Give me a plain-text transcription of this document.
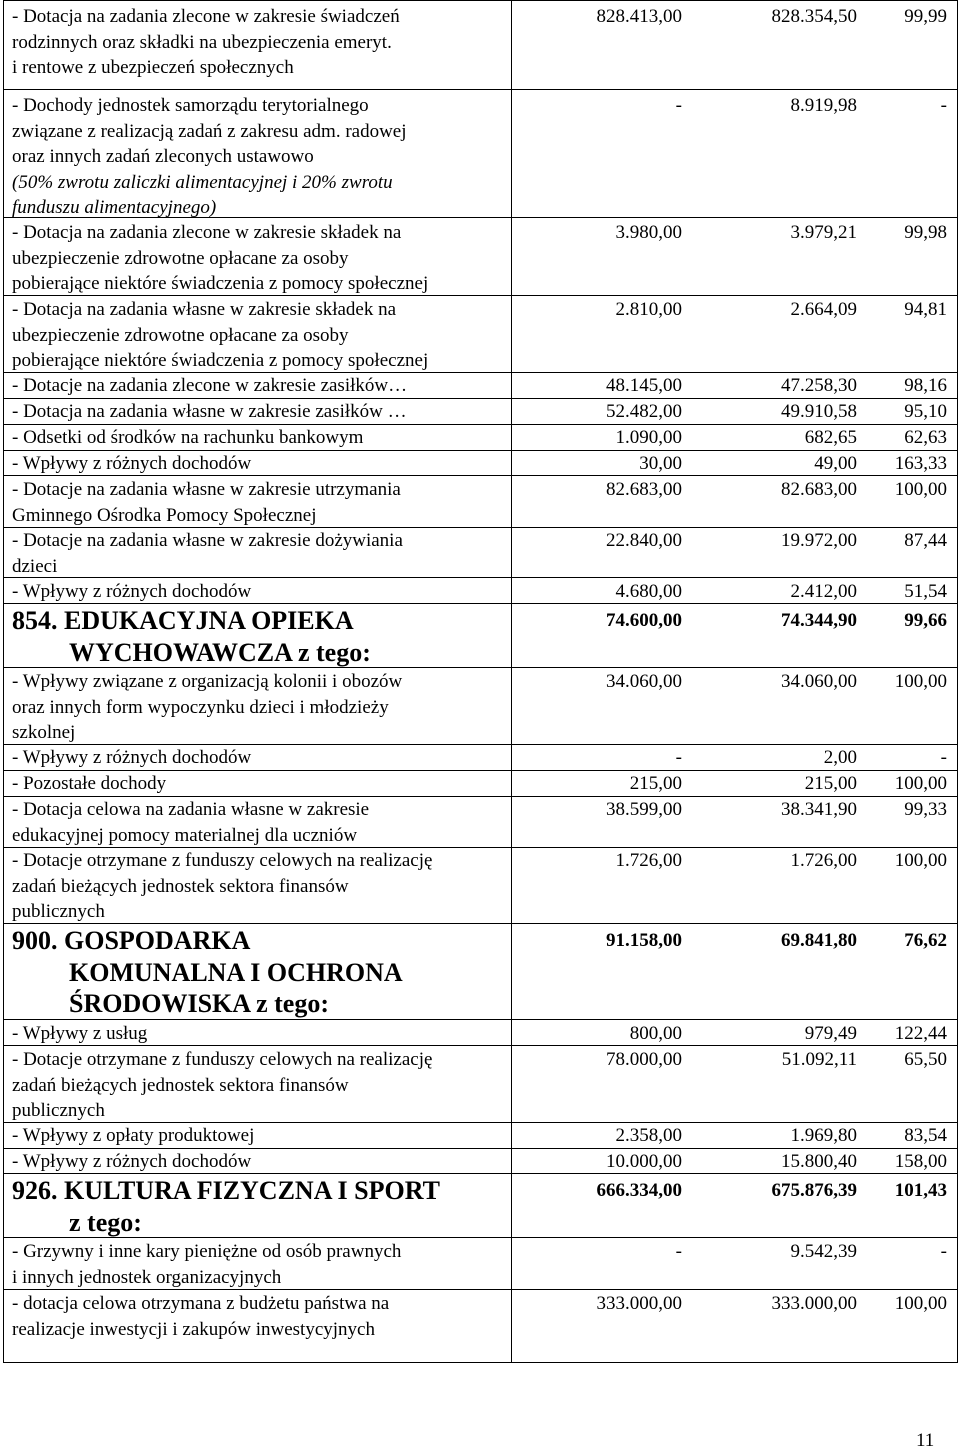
- Dotacja na zadania zlecone w zakresie świadczeń
rodzinnych oraz składki na ubezpieczenia emeryt.
i rentowe z ubezpieczeń społecznych
828.413,00	828.354,50 99,99
- Dochody jednostek samorządu terytorialnego
związane z realizacją zadań z zakresu adm. radowej
oraz innych zadań zleconych ustawowo
(50% zwrotu zaliczki alimentacyjnej i 20% zwrotu
funduszu alimentacyjnego)
-	8.919,98	-
- Dotacja na zadania zlecone w zakresie składek na
ubezpieczenie zdrowotne opłacane za osoby
pobierające niektóre świadczenia z pomocy społecznej
3.980,00	3.979,21 99,98
- Dotacja na zadania własne w zakresie składek na
ubezpieczenie zdrowotne opłacane za osoby
pobierające niektóre świadczenia z pomocy społecznej
2.810,00	2.664,09 94,81
- Dotacje na zadania zlecone w zakresie zasiłków…	48.145,00	47.258,30 98,16
- Dotacja na zadania własne w zakresie zasiłków …	52.482,00	49.910,58 95,10
- Odsetki od środków na rachunku bankowym	1.090,00	682,65 62,63
- Wpływy z różnych dochodów	30,00	49,00 163,33
- Dotacje na zadania własne w zakresie utrzymania
Gminnego Ośrodka Pomocy Społecznej
82.683,00	82.683,00 100,00
- Dotacje na zadania własne w zakresie dożywiania
dzieci
22.840,00	19.972,00 87,44
- Wpływy z różnych dochodów	4.680,00	2.412,00 51,54
854. EDUKACYJNA OPIEKA
WYCHOWAWCZA z tego:
74.600,00	74.344,90 99,66
- Wpływy związane z organizacją kolonii i obozów
oraz innych form wypoczynku dzieci i młodzieży
szkolnej
34.060,00	34.060,00 100,00
- Wpływy z różnych dochodów	-	2,00	-
- Pozostałe dochody	215,00	215,00 100,00
- Dotacja celowa na zadania własne w zakresie
edukacyjnej pomocy materialnej dla uczniów
38.599,00	38.341,90 99,33
- Dotacje otrzymane z funduszy celowych na realizację
zadań bieżących jednostek sektora finansów
publicznych
1.726,00	1.726,00 100,00
900. GOSPODARKA
KOMUNALNA I OCHRONA
ŚRODOWISKA z tego:
91.158,00	69.841,80 76,62
- Wpływy z usług	800,00	979,49 122,44
- Dotacje otrzymane z funduszy celowych na realizację
zadań bieżących jednostek sektora finansów
publicznych
78.000,00	51.092,11 65,50
- Wpływy z opłaty produktowej	2.358,00	1.969,80 83,54
- Wpływy z różnych dochodów	10.000,00	15.800,40 158,00
926. KULTURA FIZYCZNA I SPORT
z tego:
666.334,00	675.876,39 101,43
- Grzywny i inne kary pieniężne od osób prawnych
i innych jednostek organizacyjnych
-	9.542,39	-
- dotacja celowa otrzymana z budżetu państwa na
realizacje inwestycji i zakupów inwestycyjnych
333.000,00	333.000,00 100,00
11
